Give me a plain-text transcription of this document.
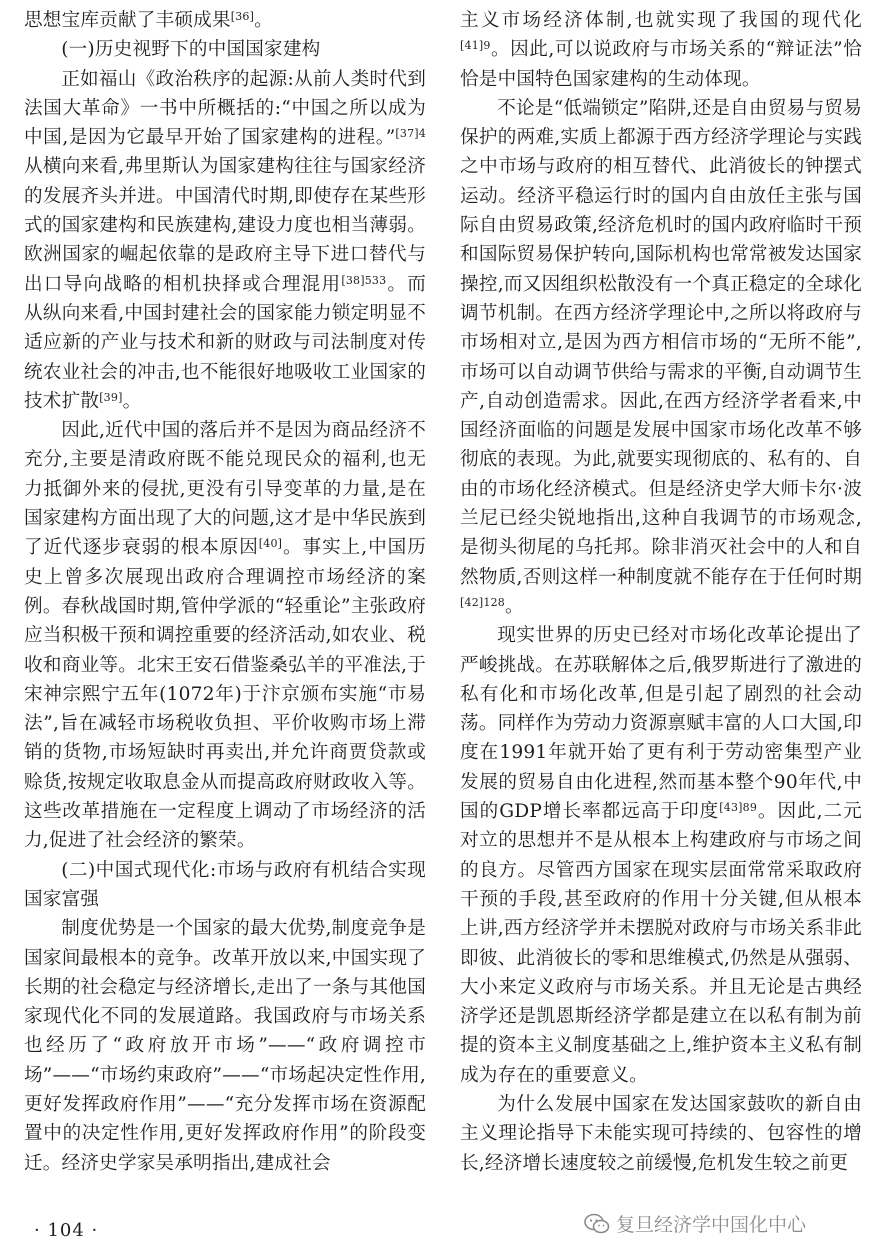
思想宝库贡献了丰硕成果[36]。

(一)历史视野下的中国国家建构

正如福山《政治秩序的起源:从前人类时代到法国大革命》一书中所概括的:“中国之所以成为中国,是因为它最早开始了国家建构的进程。”$^{[37]4}$从横向来看,弗里斯认为国家建构往往与国家经济的发展齐头并进。中国清代时期,即使存在某些形式的国家建构和民族建构,建设力度也相当薄弱。欧洲国家的崛起依靠的是政府主导下进口替代与出口导向战略的相机抉择或合理混用$^{[38]533}$。而从纵向来看,中国封建社会的国家能力锁定明显不适应新的产业与技术和新的财政与司法制度对传统农业社会的冲击,也不能很好地吸收工业国家的技术扩散[39]。

因此,近代中国的落后并不是因为商品经济不充分,主要是清政府既不能兑现民众的福利,也无力抵御外来的侵扰,更没有引导变革的力量,是在国家建构方面出现了大的问题,这才是中华民族到了近代逐步衰弱的根本原因[40]。事实上,中国历史上曾多次展现出政府合理调控市场经济的案例。春秋战国时期,管仲学派的“轻重论”主张政府应当积极干预和调控重要的经济活动,如农业、税收和商业等。北宋王安石借鉴桑弘羊的平准法,于宋神宗熙宁五年(1072年)于汴京颁布实施“市易法”,旨在减轻市场税收负担、平价收购市场上滞销的货物,市场短缺时再卖出,并允许商贾贷款或赊货,按规定收取息金从而提高政府财政收入等。这些改革措施在一定程度上调动了市场经济的活力,促进了社会经济的繁荣。

(二)中国式现代化:市场与政府有机结合实现国家富强

制度优势是一个国家的最大优势,制度竞争是国家间最根本的竞争。改革开放以来,中国实现了长期的社会稳定与经济增长,走出了一条与其他国家现代化不同的发展道路。我国政府与市场关系也经历了“政府放开市场”——“政府调控市场”——“市场约束政府”——“市场起决定性作用,更好发挥政府作用”——“充分发挥市场在资源配置中的决定性作用,更好发挥政府作用”的阶段变迁。经济史学家吴承明指出,建成社会

主义市场经济体制,也就实现了我国的现代化$^{[41]9}$。因此,可以说政府与市场关系的“辩证法”恰恰是中国特色国家建构的生动体现。

不论是“低端锁定”陷阱,还是自由贸易与贸易保护的两难,实质上都源于西方经济学理论与实践之中市场与政府的相互替代、此消彼长的钟摆式运动。经济平稳运行时的国内自由放任主张与国际自由贸易政策,经济危机时的国内政府临时干预和国际贸易保护转向,国际机构也常常被发达国家操控,而又因组织松散没有一个真正稳定的全球化调节机制。在西方经济学理论中,之所以将政府与市场相对立,是因为西方相信市场的“无所不能”,市场可以自动调节供给与需求的平衡,自动调节生产,自动创造需求。因此,在西方经济学者看来,中国经济面临的问题是发展中国家市场化改革不够彻底的表现。为此,就要实现彻底的、私有的、自由的市场化经济模式。但是经济史学大师卡尔·波兰尼已经尖锐地指出,这种自我调节的市场观念,是彻头彻尾的乌托邦。除非消灭社会中的人和自然物质,否则这样一种制度就不能存在于任何时期$^{[42]128}$。

现实世界的历史已经对市场化改革论提出了严峻挑战。在苏联解体之后,俄罗斯进行了激进的私有化和市场化改革,但是引起了剧烈的社会动荡。同样作为劳动力资源禀赋丰富的人口大国,印度在1991年就开始了更有利于劳动密集型产业发展的贸易自由化进程,然而基本整个90年代,中国的GDP增长率都远高于印度$^{[43]89}$。因此,二元对立的思想并不是从根本上构建政府与市场之间的良方。尽管西方国家在现实层面常常采取政府干预的手段,甚至政府的作用十分关键,但从根本上讲,西方经济学并未摆脱对政府与市场关系非此即彼、此消彼长的零和思维模式,仍然是从强弱、大小来定义政府与市场关系。并且无论是古典经济学还是凯恩斯经济学都是建立在以私有制为前提的资本主义制度基础之上,维护资本主义私有制成为存在的重要意义。

为什么发展中国家在发达国家鼓吹的新自由主义理论指导下未能实现可持续的、包容性的增长,经济增长速度较之前缓慢,危机发生较之前更

· 104 ·	复旦经济学中国化中心
